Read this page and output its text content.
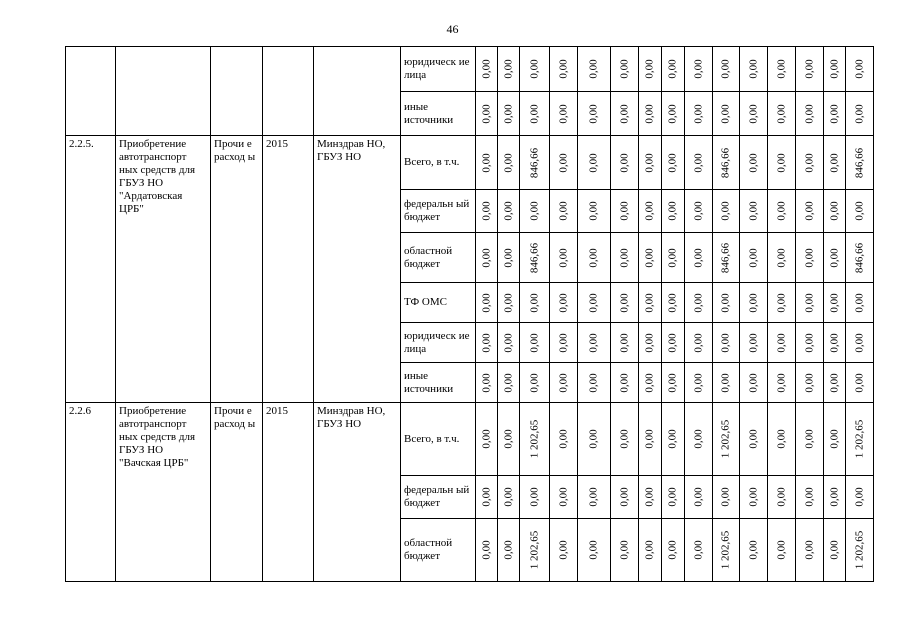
46
					юридическ ие лица	0,00	0,00	0,00	0,00	0,00	0,00	0,00	0,00	0,00	0,00	0,00	0,00	0,00	0,00	0,00

					иные источники	0,00	0,00	0,00	0,00	0,00	0,00	0,00	0,00	0,00	0,00	0,00	0,00	0,00	0,00	0,00

2.2.5.	Приобретение автотранспорт ных средств для ГБУЗ НО "Ардатовская ЦРБ"	Прочи е расход ы	2015	Минздрав НО, ГБУЗ НО	Всего, в т.ч.	0,00	0,00	846,66	0,00	0,00	0,00	0,00	0,00	0,00	846,66	0,00	0,00	0,00	0,00	846,66

					федеральн ый бюджет	0,00	0,00	0,00	0,00	0,00	0,00	0,00	0,00	0,00	0,00	0,00	0,00	0,00	0,00	0,00

					областной бюджет	0,00	0,00	846,66	0,00	0,00	0,00	0,00	0,00	0,00	846,66	0,00	0,00	0,00	0,00	846,66

					ТФ ОМС	0,00	0,00	0,00	0,00	0,00	0,00	0,00	0,00	0,00	0,00	0,00	0,00	0,00	0,00	0,00

					юридическ ие лица	0,00	0,00	0,00	0,00	0,00	0,00	0,00	0,00	0,00	0,00	0,00	0,00	0,00	0,00	0,00

					иные источники	0,00	0,00	0,00	0,00	0,00	0,00	0,00	0,00	0,00	0,00	0,00	0,00	0,00	0,00	0,00

2.2.6	Приобретение автотранспорт ных средств для ГБУЗ НО "Вачская ЦРБ"	Прочи е расход ы	2015	Минздрав НО, ГБУЗ НО	Всего, в т.ч.	0,00	0,00	1 202,65	0,00	0,00	0,00	0,00	0,00	0,00	1 202,65	0,00	0,00	0,00	0,00	1 202,65

					федеральн ый бюджет	0,00	0,00	0,00	0,00	0,00	0,00	0,00	0,00	0,00	0,00	0,00	0,00	0,00	0,00	0,00

					областной бюджет	0,00	0,00	1 202,65	0,00	0,00	0,00	0,00	0,00	0,00	1 202,65	0,00	0,00	0,00	0,00	1 202,65
